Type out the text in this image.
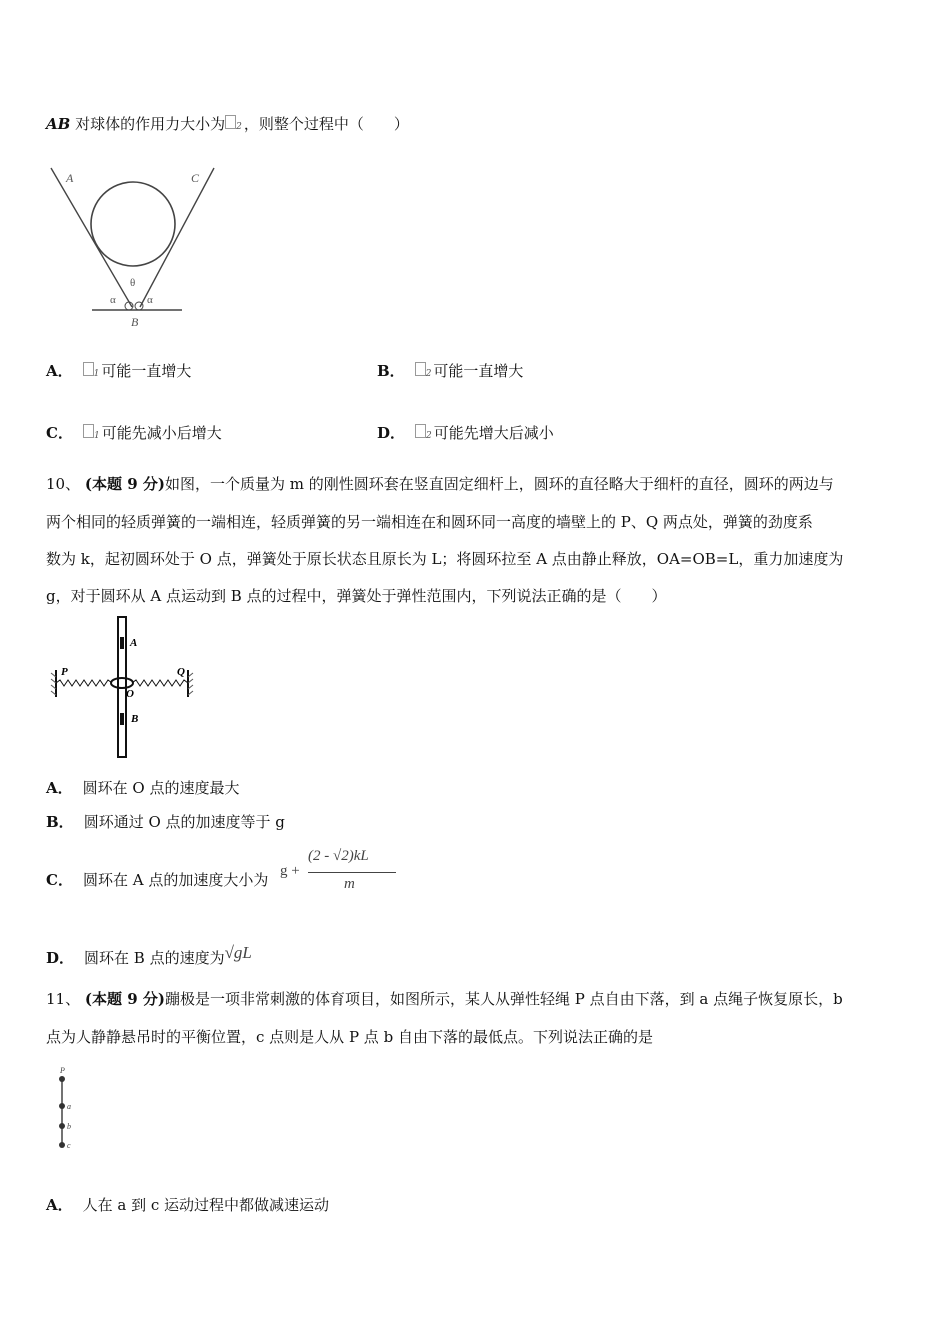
AB 对球体的作用力大小为 2 ，则整个过程中（　　）
A	C
B
θ
α	α
A． 1 可能一直增大	B． 2 可能一直增大
C． 1 可能先减小后增大	D． 2 可能先增大后减小
10、 (本题 9 分)如图，一个质量为 m 的刚性圆环套在竖直固定细杆上，圆环的直径略大于细杆的直径，圆环的两边与
两个相同的轻质弹簧的一端相连，轻质弹簧的另一端相连在和圆环同一高度的墙壁上的 P、Q 两点处，弹簧的劲度系
数为 k，起初圆环处于 O 点，弹簧处于原长状态且原长为 L；将圆环拉至 A 点由静止释放，OA=OB=L，重力加速度为
g，对于圆环从 A 点运动到 B 点的过程中，弹簧处于弹性范围内，下列说法正确的是（　　）
P	Q
A
O
B
A． 圆环在 O 点的速度最大
B． 圆环通过 O 点的加速度等于 g
C． 圆环在 A 点的加速度大小为 g +
(2 - √2)kL
m
D． 圆环在 B 点的速度为√gL
11、 (本题 9 分)蹦极是一项非常刺激的体育项目，如图所示，某人从弹性轻绳 P 点自由下落，到 a 点绳子恢复原长，b
点为人静静悬吊时的平衡位置，c 点则是人从 P 点 b 自由下落的最低点。下列说法正确的是
P
a
b
c
A． 人在 a 到 c 运动过程中都做减速运动
